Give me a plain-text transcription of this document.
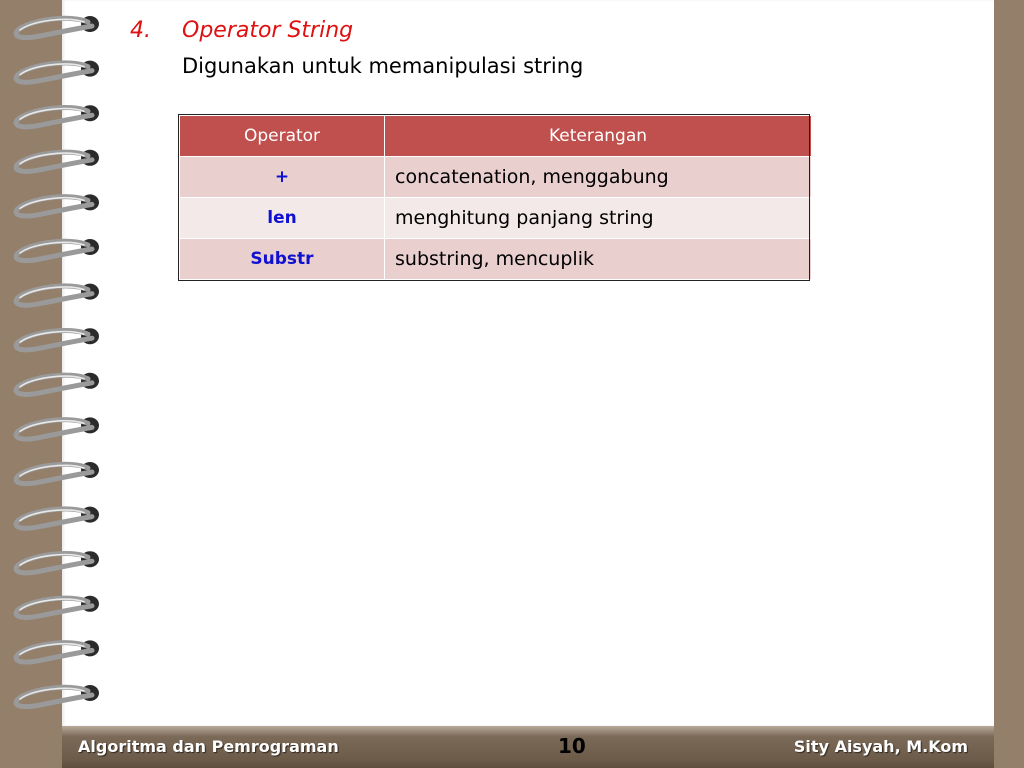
4. Operator String
Digunakan untuk memanipulasi string
Operator	Keterangan
+	concatenation, menggabung
len	menghitung panjang string
Substr	substring, mencuplik
Algoritma dan Pemrograman	10	Sity Aisyah, M.Kom
